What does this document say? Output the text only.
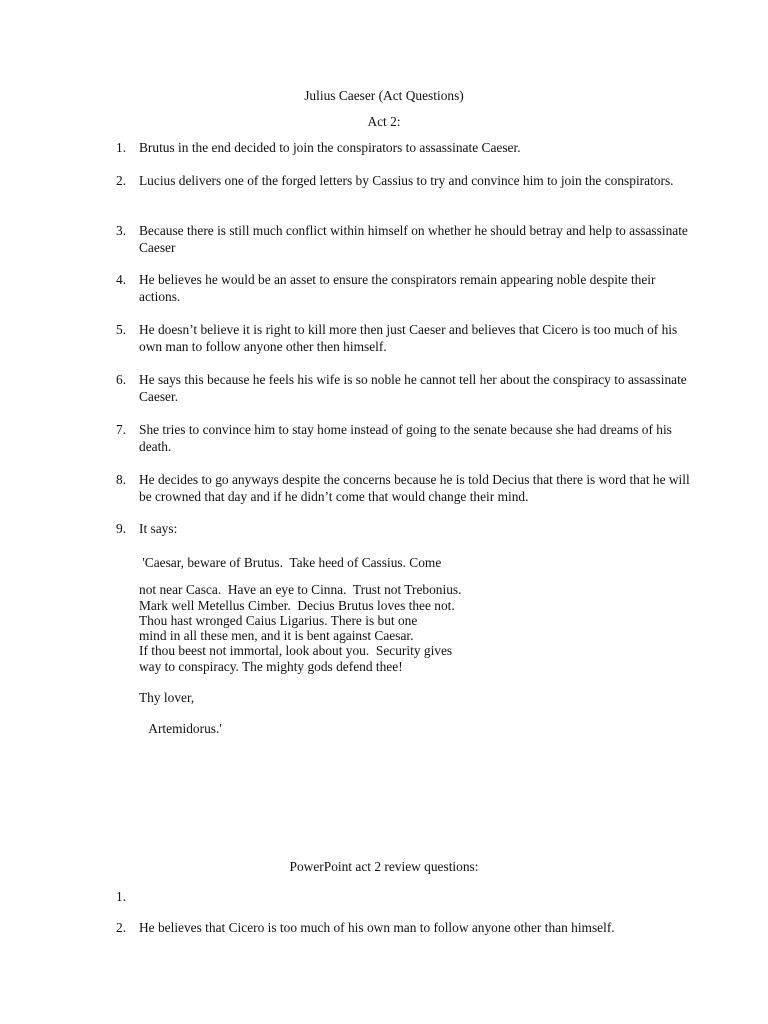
Julius Caeser (Act Questions)
Act 2:
1. Brutus in the end decided to join the conspirators to assassinate Caeser.
2. Lucius delivers one of the forged letters by Cassius to try and convince him to join the conspirators.
3. Because there is still much conflict within himself on whether he should betray and help to assassinate Caeser
4. He believes he would be an asset to ensure the conspirators remain appearing noble despite their actions.
5. He doesn’t believe it is right to kill more then just Caeser and believes that Cicero is too much of his own man to follow anyone other then himself.
6. He says this because he feels his wife is so noble he cannot tell her about the conspiracy to assassinate Caeser.
7. She tries to convince him to stay home instead of going to the senate because she had dreams of his death.
8. He decides to go anyways despite the concerns because he is told Decius that there is word that he will be crowned that day and if he didn’t come that would change their mind.
9. It says:
'Caesar, beware of Brutus.  Take heed of Cassius. Come
not near Casca.  Have an eye to Cinna.  Trust not Trebonius.
Mark well Metellus Cimber.  Decius Brutus loves thee not.
Thou hast wronged Caius Ligarius. There is but one
mind in all these men, and it is bent against Caesar.
If thou beest not immortal, look about you.  Security gives
way to conspiracy. The mighty gods defend thee!
Thy lover,
Artemidorus.'
PowerPoint act 2 review questions:
1.
2. He believes that Cicero is too much of his own man to follow anyone other than himself.
